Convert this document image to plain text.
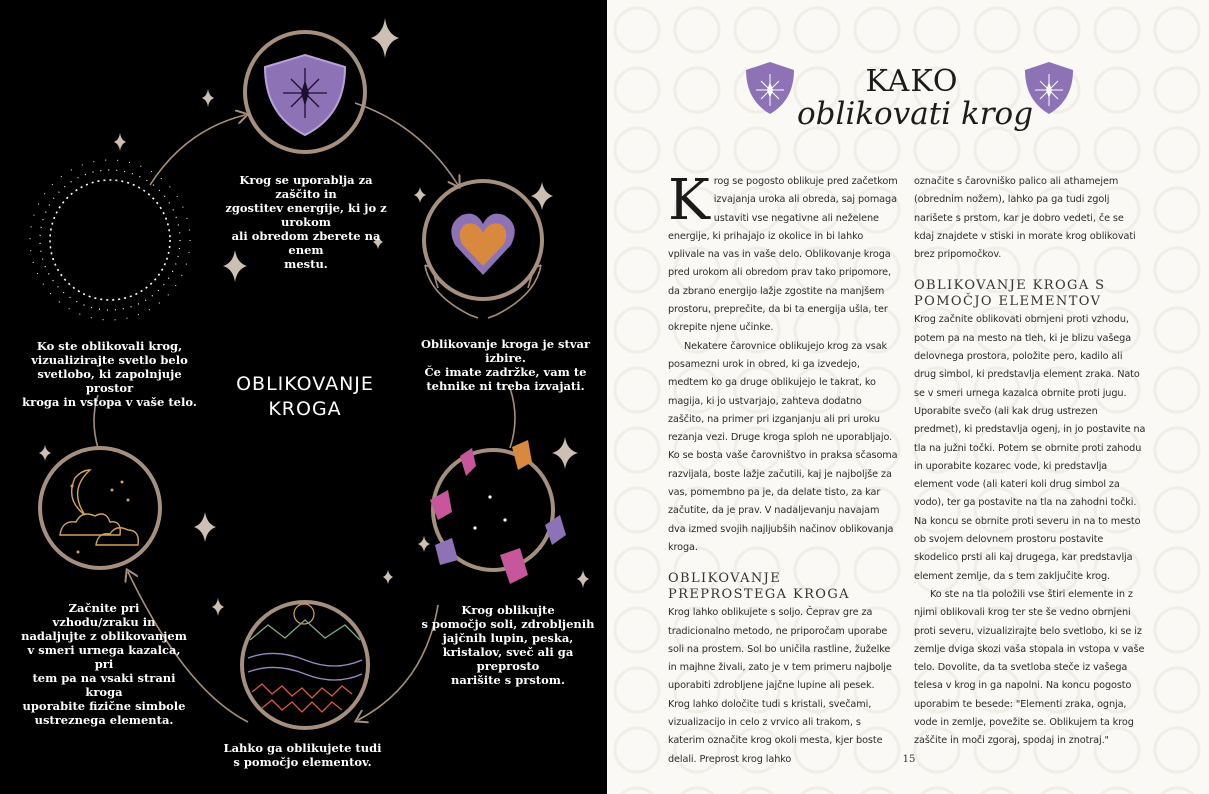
Krog se uporablja za zaščito in
zgostitev energije, ki jo z urokom
ali obredom zberete na enem
mestu.
Oblikovanje kroga je stvar izbire.
Če imate zadržke, vam te
tehnike ni treba izvajati.
Krog oblikujte
s pomočjo soli, zdrobljenih
jajčnih lupin, peska,
kristalov, sveč ali ga preprosto
narišite s prstom.
Lahko ga oblikujete tudi
s pomočjo elementov.
Začnite pri
vzhodu/zraku in
nadaljujte z oblikovanjem
v smeri urnega kazalca, pri
tem pa na vsaki strani kroga
uporabite fizične simbole
ustreznega elementa.
Ko ste oblikovali krog,
vizualizirajte svetlo belo
svetlobo, ki zapolnjuje prostor
kroga in vstopa v vaše telo.
OBLIKOVANJE
KROGA
KAKO
oblikovati krog
Krog se pogosto oblikuje pred začetkom izvajanja uroka ali obreda, saj pomaga ustaviti vse negativne ali neželene energije, ki prihajajo iz okolice in bi lahko vplivale na vas in vaše delo. Oblikovanje kroga pred urokom ali obredom prav tako pripomore, da zbrano energijo lažje zgostite na manjšem prostoru, preprečite, da bi ta energija ušla, ter okrepite njene učinke.
Nekatere čarovnice oblikujejo krog za vsak posamezni urok in obred, ki ga izvedejo, medtem ko ga druge oblikujejo le takrat, ko magija, ki jo ustvarjajo, zahteva dodatno zaščito, na primer pri izganjanju ali pri uroku rezanja vezi. Druge kroga sploh ne uporabljajo. Ko se bosta vaše čarovništvo in praksa sčasoma razvijala, boste lažje začutili, kaj je najboljše za vas, pomembno pa je, da delate tisto, za kar začutite, da je prav. V nadaljevanju navajam dva izmed svojih najljubših načinov oblikovanja kroga.
OBLIKOVANJE PREPROSTEGA KROGA
Krog lahko oblikujete s soljo. Čeprav gre za tradicionalno metodo, ne priporočam uporabe soli na prostem. Sol bo uničila rastline, žuželke in majhne živali, zato je v tem primeru najbolje uporabiti zdrobljene jajčne lupine ali pesek. Krog lahko določite tudi s kristali, svečami, vizualizacijo in celo z vrvico ali trakom, s katerim označite krog okoli mesta, kjer boste delali. Preprost krog lahko
označite s čarovniško palico ali athamejem (obrednim nožem), lahko pa ga tudi zgolj narišete s prstom, kar je dobro vedeti, če se kdaj znajdete v stiski in morate krog oblikovati brez pripomočkov.
OBLIKOVANJE KROGA S POMOČJO ELEMENTOV
Krog začnite oblikovati obrnjeni proti vzhodu, potem pa na mesto na tleh, ki je blizu vašega delovnega prostora, položite pero, kadilo ali drug simbol, ki predstavlja element zraka. Nato se v smeri urnega kazalca obrnite proti jugu. Uporabite svečo (ali kak drug ustrezen predmet), ki predstavlja ogenj, in jo postavite na tla na južni točki. Potem se obrnite proti zahodu in uporabite kozarec vode, ki predstavlja element vode (ali kateri koli drug simbol za vodo), ter ga postavite na tla na zahodni točki. Na koncu se obrnite proti severu in na to mesto ob svojem delovnem prostoru postavite skodelico prsti ali kaj drugega, kar predstavlja element zemlje, da s tem zaključite krog.
Ko ste na tla položili vse štiri elemente in z njimi oblikovali krog ter ste še vedno obrnjeni proti severu, vizualizirajte belo svetlobo, ki se iz zemlje dviga skozi vaša stopala in vstopa v vaše telo. Dovolite, da ta svetloba steče iz vašega telesa v krog in ga napolni. Na koncu pogosto uporabim te besede: "Elementi zraka, ognja, vode in zemlje, povežite se. Oblikujem ta krog zaščite in moči zgoraj, spodaj in znotraj."
15
